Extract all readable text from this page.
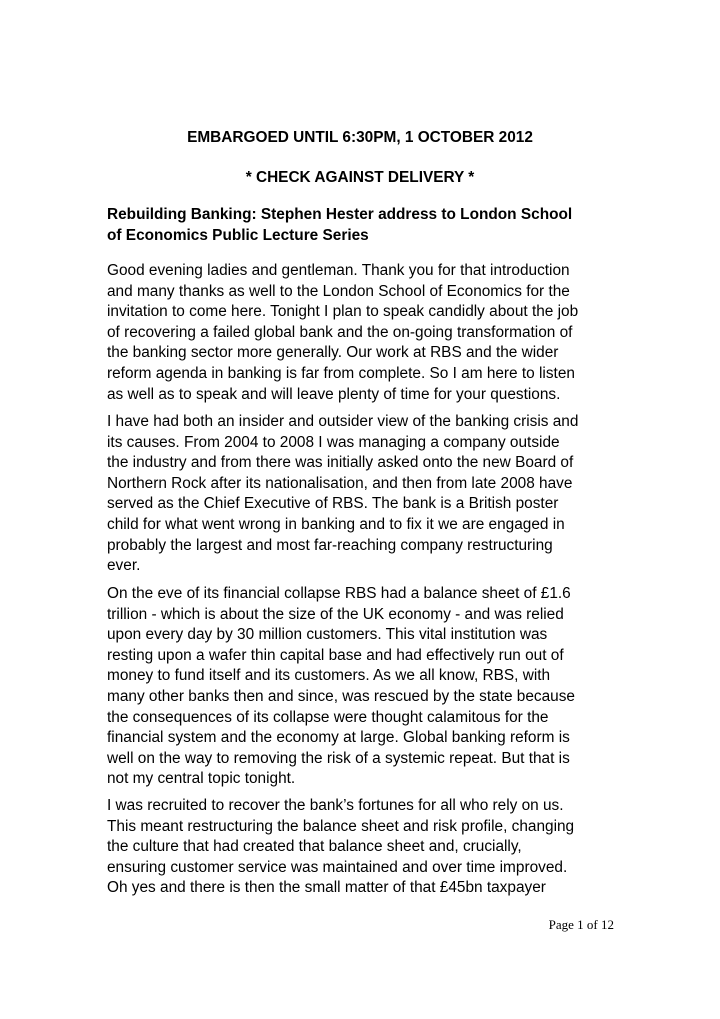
EMBARGOED UNTIL 6:30PM, 1 OCTOBER 2012
* CHECK AGAINST DELIVERY *
Rebuilding Banking: Stephen Hester address to London School
of Economics Public Lecture Series
Good evening ladies and gentleman. Thank you for that introduction
and many thanks as well to the London School of Economics for the
invitation to come here. Tonight I plan to speak candidly about the job
of recovering a failed global bank and the on-going transformation of
the banking sector more generally. Our work at RBS and the wider
reform agenda in banking is far from complete. So I am here to listen
as well as to speak and will leave plenty of time for your questions.
I have had both an insider and outsider view of the banking crisis and
its causes. From 2004 to 2008 I was managing a company outside
the industry and from there was initially asked onto the new Board of
Northern Rock after its nationalisation, and then from late 2008 have
served as the Chief Executive of RBS. The bank is a British poster
child for what went wrong in banking and to fix it we are engaged in
probably the largest and most far-reaching company restructuring
ever.
On the eve of its financial collapse RBS had a balance sheet of £1.6
trillion - which is about the size of the UK economy - and was relied
upon every day by 30 million customers. This vital institution was
resting upon a wafer thin capital base and had effectively run out of
money to fund itself and its customers. As we all know, RBS, with
many other banks then and since, was rescued by the state because
the consequences of its collapse were thought calamitous for the
financial system and the economy at large. Global banking reform is
well on the way to removing the risk of a systemic repeat. But that is
not my central topic tonight.
I was recruited to recover the bank’s fortunes for all who rely on us.
This meant restructuring the balance sheet and risk profile, changing
the culture that had created that balance sheet and, crucially,
ensuring customer service was maintained and over time improved.
Oh yes and there is then the small matter of that £45bn taxpayer
Page 1 of 12
